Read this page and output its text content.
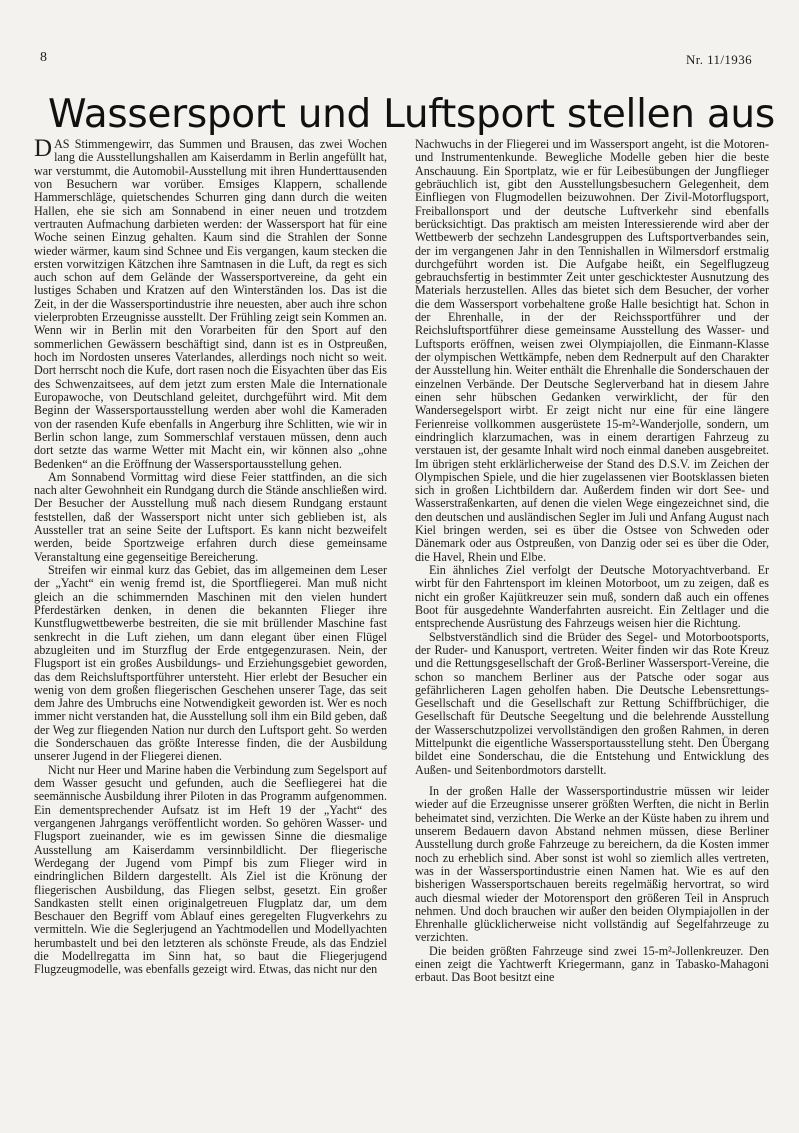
8	Nr. 11/1936
Wassersport und Luftsport stellen aus

DAS Stimmengewirr, das Summen und Brausen, das zwei Wochen lang die Ausstellungshallen am Kaiserdamm in Berlin angefüllt hat, war verstummt, die Automobil-Ausstellung mit ihren Hunderttausenden von Besuchern war vorüber. Emsiges Klappern, schallende Hammerschläge, quietschendes Schurren ging dann durch die weiten Hallen, ehe sie sich am Sonnabend in einer neuen und trotzdem vertrauten Aufmachung darbieten werden: der Wassersport hat für eine Woche seinen Einzug gehalten. Kaum sind die Strahlen der Sonne wieder wärmer, kaum sind Schnee und Eis vergangen, kaum stecken die ersten vorwitzigen Kätzchen ihre Samtnasen in die Luft, da regt es sich auch schon auf dem Gelände der Wassersportvereine, da geht ein lustiges Schaben und Kratzen auf den Winterständen los. Das ist die Zeit, in der die Wassersportindustrie ihre neuesten, aber auch ihre schon vielerprobten Erzeugnisse ausstellt. Der Frühling zeigt sein Kommen an. Wenn wir in Berlin mit den Vorarbeiten für den Sport auf den sommerlichen Gewässern beschäftigt sind, dann ist es in Ostpreußen, hoch im Nordosten unseres Vaterlandes, allerdings noch nicht so weit. Dort herrscht noch die Kufe, dort rasen noch die Eisyachten über das Eis des Schwenzaitsees, auf dem jetzt zum ersten Male die Internationale Europawoche, von Deutschland geleitet, durchgeführt wird. Mit dem Beginn der Wassersportausstellung werden aber wohl die Kameraden von der rasenden Kufe ebenfalls in Angerburg ihre Schlitten, wie wir in Berlin schon lange, zum Sommerschlaf verstauen müssen, denn auch dort setzte das warme Wetter mit Macht ein, wir können also „ohne Bedenken“ an die Eröffnung der Wassersportausstellung gehen.

Am Sonnabend Vormittag wird diese Feier stattfinden, an die sich nach alter Gewohnheit ein Rundgang durch die Stände anschließen wird. Der Besucher der Ausstellung muß nach diesem Rundgang erstaunt feststellen, daß der Wassersport nicht unter sich geblieben ist, als Aussteller trat an seine Seite der Luftsport. Es kann nicht bezweifelt werden, beide Sportzweige erfahren durch diese gemeinsame Veranstaltung eine gegenseitige Bereicherung.

Streifen wir einmal kurz das Gebiet, das im allgemeinen dem Leser der „Yacht“ ein wenig fremd ist, die Sportfliegerei. Man muß nicht gleich an die schimmernden Maschinen mit den vielen hundert Pferdestärken denken, in denen die bekannten Flieger ihre Kunstflugwettbewerbe bestreiten, die sie mit brüllender Maschine fast senkrecht in die Luft ziehen, um dann elegant über einen Flügel abzugleiten und im Sturzflug der Erde entgegenzurasen. Nein, der Flugsport ist ein großes Ausbildungs- und Erziehungsgebiet geworden, das dem Reichsluftsportführer untersteht. Hier erlebt der Besucher ein wenig von dem großen fliegerischen Geschehen unserer Tage, das seit dem Jahre des Umbruchs eine Notwendigkeit geworden ist. Wer es noch immer nicht verstanden hat, die Ausstellung soll ihm ein Bild geben, daß der Weg zur fliegenden Nation nur durch den Luftsport geht. So werden die Sonderschauen das größte Interesse finden, die der Ausbildung unserer Jugend in der Fliegerei dienen.

Nicht nur Heer und Marine haben die Verbindung zum Segelsport auf dem Wasser gesucht und gefunden, auch die Seefliegerei hat die seemännische Ausbildung ihrer Piloten in das Programm aufgenommen. Ein dementsprechender Aufsatz ist im Heft 19 der „Yacht“ des vergangenen Jahrgangs veröffentlicht worden. So gehören Wasser- und Flugsport zueinander, wie es im gewissen Sinne die diesmalige Ausstellung am Kaiserdamm versinnbildlicht. Der fliegerische Werdegang der Jugend vom Pimpf bis zum Flieger wird in eindringlichen Bildern dargestellt. Als Ziel ist die Krönung der fliegerischen Ausbildung, das Fliegen selbst, gesetzt. Ein großer Sandkasten stellt einen originalgetreuen Flugplatz dar, um dem Beschauer den Begriff vom Ablauf eines geregelten Flugverkehrs zu vermitteln. Wie die Seglerjugend an Yachtmodellen und Modellyachten herumbastelt und bei den letzteren als schönste Freude, als das Endziel die Modellregatta im Sinn hat, so baut die Fliegerjugend Flugzeugmodelle, was ebenfalls gezeigt wird. Etwas, das nicht nur den

Nachwuchs in der Fliegerei und im Wassersport angeht, ist die Motoren- und Instrumentenkunde. Bewegliche Modelle geben hier die beste Anschauung. Ein Sportplatz, wie er für Leibesübungen der Jungflieger gebräuchlich ist, gibt den Ausstellungsbesuchern Gelegenheit, dem Einfliegen von Flugmodellen beizuwohnen. Der Zivil-Motorflugsport, Freiballonsport und der deutsche Luftverkehr sind ebenfalls berücksichtigt. Das praktisch am meisten Interessierende wird aber der Wettbewerb der sechzehn Landesgruppen des Luftsportverbandes sein, der im vergangenen Jahr in den Tennishallen in Wilmersdorf erstmalig durchgeführt worden ist. Die Aufgabe heißt, ein Segelflugzeug gebrauchsfertig in bestimmter Zeit unter geschicktester Ausnutzung des Materials herzustellen. Alles das bietet sich dem Besucher, der vorher die dem Wassersport vorbehaltene große Halle besichtigt hat. Schon in der Ehrenhalle, in der der Reichssportführer und der Reichsluftsportführer diese gemeinsame Ausstellung des Wasser- und Luftsports eröffnen, weisen zwei Olympiajollen, die Einmann-Klasse der olympischen Wettkämpfe, neben dem Rednerpult auf den Charakter der Ausstellung hin. Weiter enthält die Ehrenhalle die Sonderschauen der einzelnen Verbände. Der Deutsche Seglerverband hat in diesem Jahre einen sehr hübschen Gedanken verwirklicht, der für den Wandersegelsport wirbt. Er zeigt nicht nur eine für eine längere Ferienreise vollkommen ausgerüstete 15-m²-Wanderjolle, sondern, um eindringlich klarzumachen, was in einem derartigen Fahrzeug zu verstauen ist, der gesamte Inhalt wird noch einmal daneben ausgebreitet. Im übrigen steht erklärlicherweise der Stand des D.S.V. im Zeichen der Olympischen Spiele, und die hier zugelassenen vier Bootsklassen bieten sich in großen Lichtbildern dar. Außerdem finden wir dort See- und Wasserstraßenkarten, auf denen die vielen Wege eingezeichnet sind, die den deutschen und ausländischen Segler im Juli und Anfang August nach Kiel bringen werden, sei es über die Ostsee von Schweden oder Dänemark oder aus Ostpreußen, von Danzig oder sei es über die Oder, die Havel, Rhein und Elbe.

Ein ähnliches Ziel verfolgt der Deutsche Motoryachtverband. Er wirbt für den Fahrtensport im kleinen Motorboot, um zu zeigen, daß es nicht ein großer Kajütkreuzer sein muß, sondern daß auch ein offenes Boot für ausgedehnte Wanderfahrten ausreicht. Ein Zeltlager und die entsprechende Ausrüstung des Fahrzeugs weisen hier die Richtung.

Selbstverständlich sind die Brüder des Segel- und Motorbootsports, der Ruder- und Kanusport, vertreten. Weiter finden wir das Rote Kreuz und die Rettungsgesellschaft der Groß-Berliner Wassersport-Vereine, die schon so manchem Berliner aus der Patsche oder sogar aus gefährlicheren Lagen geholfen haben. Die Deutsche Lebensrettungs-Gesellschaft und die Gesellschaft zur Rettung Schiffbrüchiger, die Gesellschaft für Deutsche Seegeltung und die belehrende Ausstellung der Wasserschutzpolizei vervollständigen den großen Rahmen, in deren Mittelpunkt die eigentliche Wassersportausstellung steht. Den Übergang bildet eine Sonderschau, die die Entstehung und Entwicklung des Außen- und Seitenbordmotors darstellt.

In der großen Halle der Wassersportindustrie müssen wir leider wieder auf die Erzeugnisse unserer größten Werften, die nicht in Berlin beheimatet sind, verzichten. Die Werke an der Küste haben zu ihrem und unserem Bedauern davon Abstand nehmen müssen, diese Berliner Ausstellung durch große Fahrzeuge zu bereichern, da die Kosten immer noch zu erheblich sind. Aber sonst ist wohl so ziemlich alles vertreten, was in der Wassersportindustrie einen Namen hat. Wie es auf den bisherigen Wassersportschauen bereits regelmäßig hervortrat, so wird auch diesmal wieder der Motorensport den größeren Teil in Anspruch nehmen. Und doch brauchen wir außer den beiden Olympiajollen in der Ehrenhalle glücklicherweise nicht vollständig auf Segelfahrzeuge zu verzichten.

Die beiden größten Fahrzeuge sind zwei 15-m²-Jollenkreuzer. Den einen zeigt die Yachtwerft Kriegermann, ganz in Tabasko-Mahagoni erbaut. Das Boot besitzt eine
